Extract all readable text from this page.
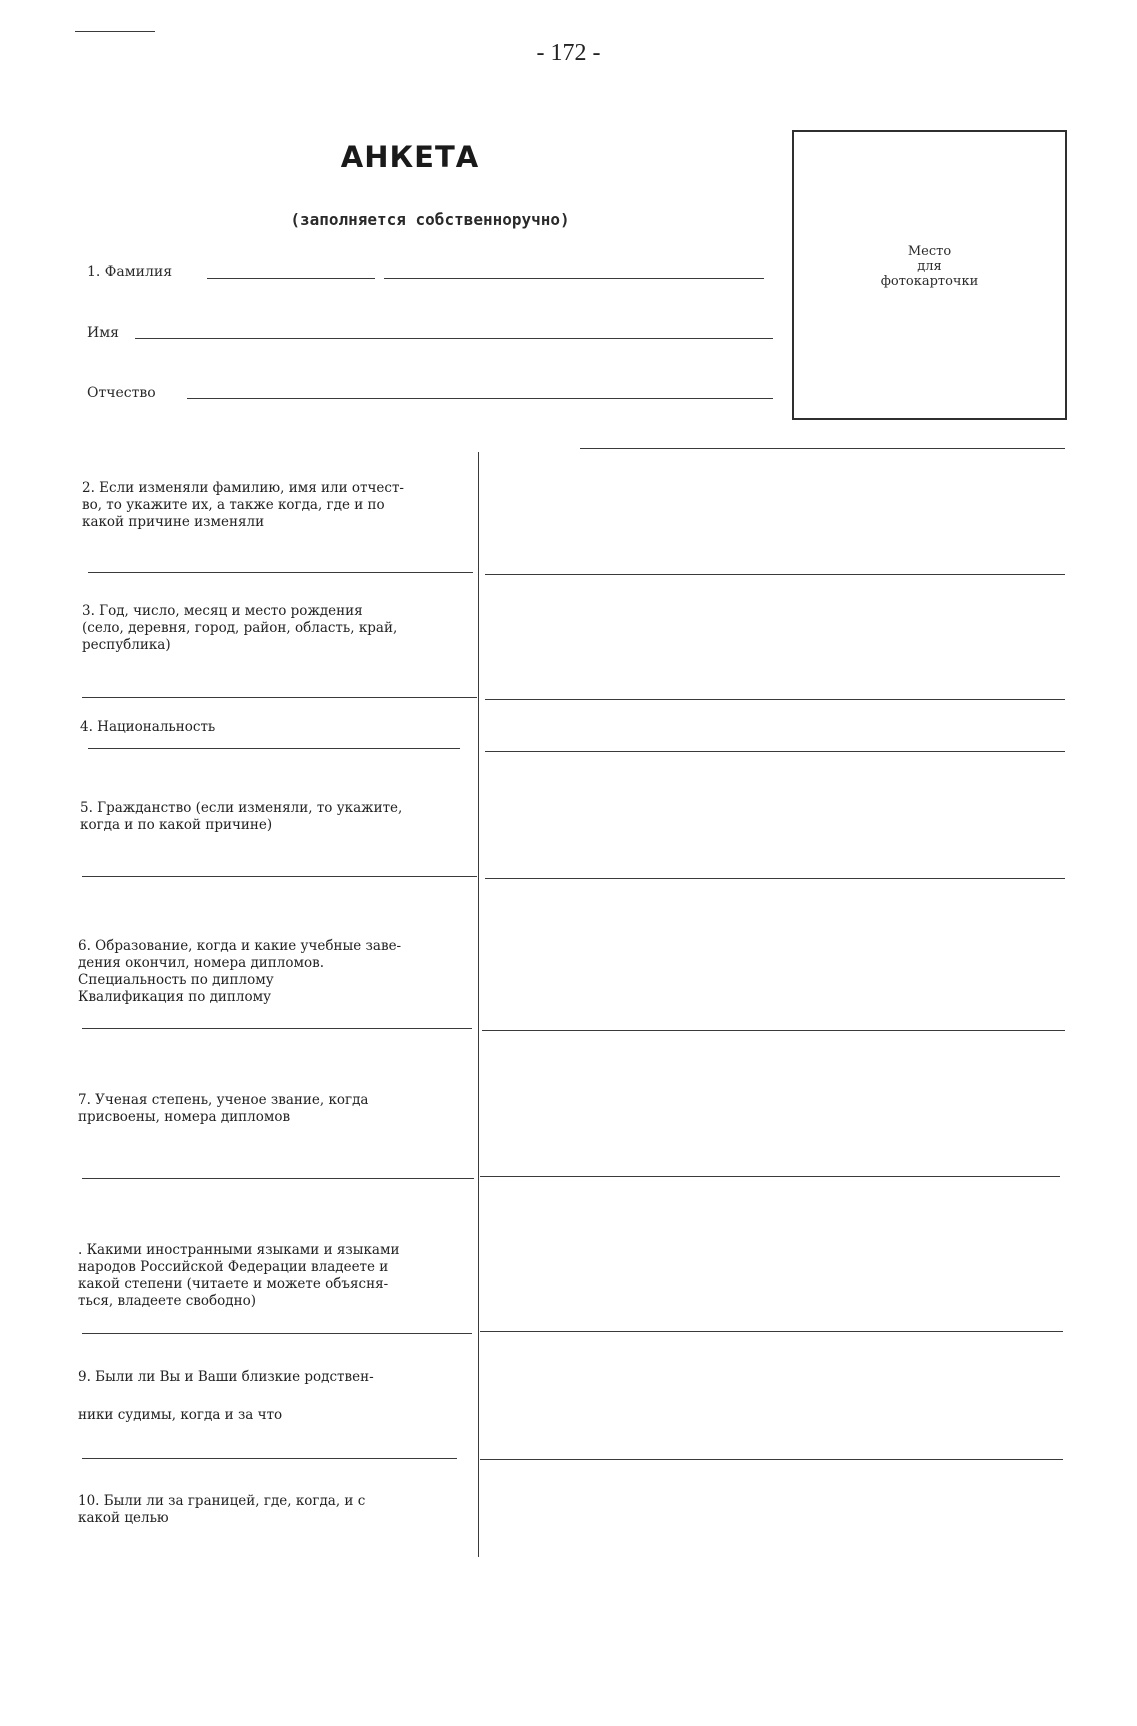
- 172 -
АНКЕТА
(заполняется собственноручно)
Место
для
фотокарточки
1. Фамилия
Имя
Отчество
2. Если изменяли фамилию, имя или отчест-
во, то укажите их, а также когда, где и по
какой причине изменяли
3. Год, число, месяц и место рождения
(село, деревня, город, район, область, край,
республика)
4. Национальность
5. Гражданство (если изменяли, то укажите,
когда и по какой причине)
6. Образование, когда и какие учебные заве-
дения окончил, номера дипломов.
Специальность по диплому
Квалификация по диплому
7. Ученая степень, ученое звание, когда
присвоены, номера дипломов
. Какими иностранными языками и языками
народов Российской Федерации владеете и
какой степени (читаете и можете объясня-
ться, владеете свободно)
9. Были ли Вы и Ваши близкие родствен-
ники судимы, когда и за что
10. Были ли за границей, где, когда, и с
какой целью
